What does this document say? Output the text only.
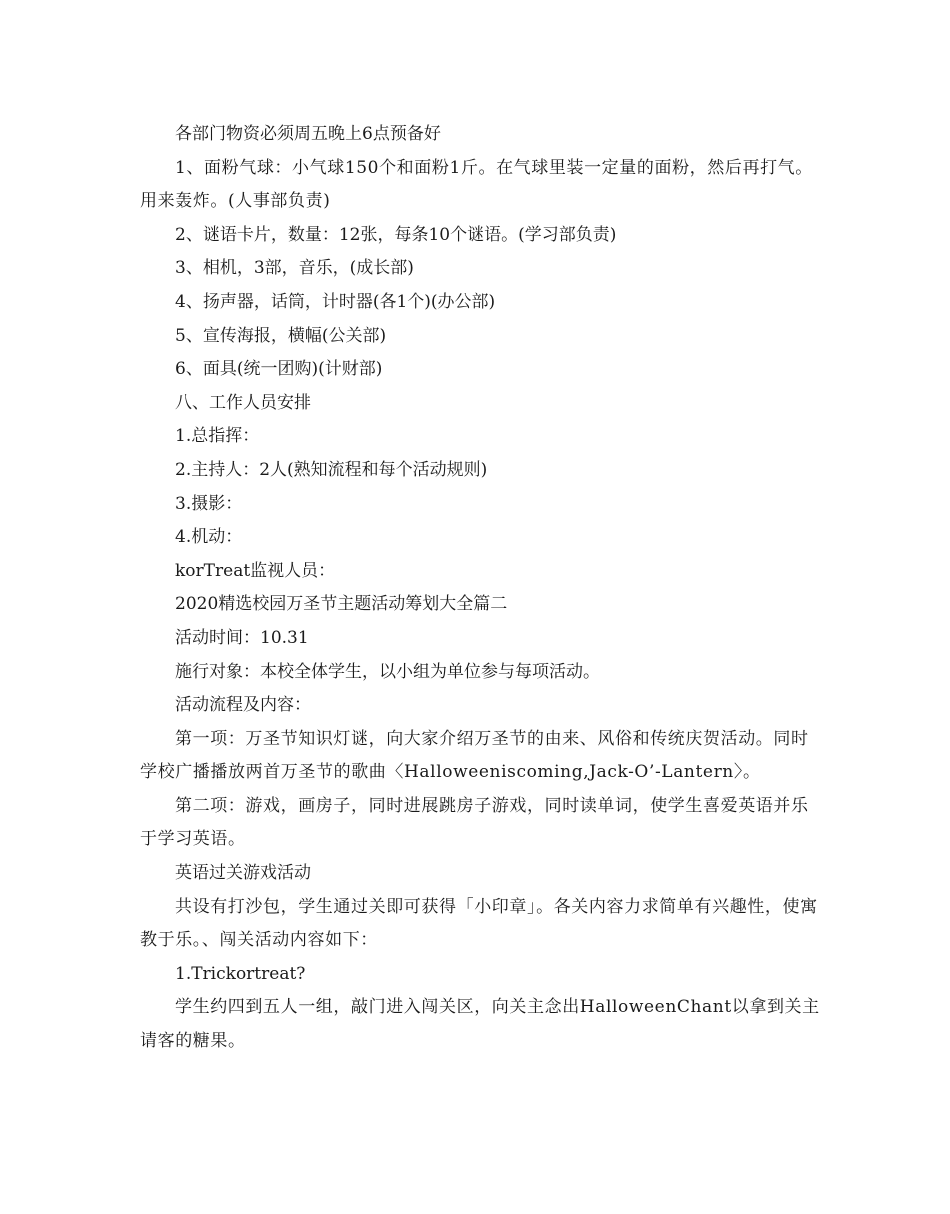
各部门物资必须周五晚上6点预备好

1、面粉气球：小气球150个和面粉1斤。在气球里装一定量的面粉，然后再打气。用来轰炸。(人事部负责)

2、谜语卡片，数量：12张，每条10个谜语。(学习部负责)

3、相机，3部，音乐，(成长部)

4、扬声器，话筒，计时器(各1个)(办公部)

5、宣传海报，横幅(公关部)

6、面具(统一团购)(计财部)

八、工作人员安排

1.总指挥：

2.主持人：2人(熟知流程和每个活动规则)

3.摄影：

4.机动：

korTreat监视人员：

2020精选校园万圣节主题活动筹划大全篇二

活动时间：10.31

施行对象：本校全体学生，以小组为单位参与每项活动。

活动流程及内容：

第一项：万圣节知识灯谜，向大家介绍万圣节的由来、风俗和传统庆贺活动。同时学校广播播放两首万圣节的歌曲〈Halloweeniscoming,Jack-O’-Lantern〉。

第二项：游戏，画房子，同时进展跳房子游戏，同时读单词，使学生喜爱英语并乐于学习英语。

英语过关游戏活动

共设有打沙包，学生通过关即可获得「小印章」。各关内容力求简单有兴趣性，使寓教于乐。、闯关活动内容如下：

1.Trickortreat?

学生约四到五人一组，敲门进入闯关区，向关主念出HalloweenChant以拿到关主请客的糖果。
